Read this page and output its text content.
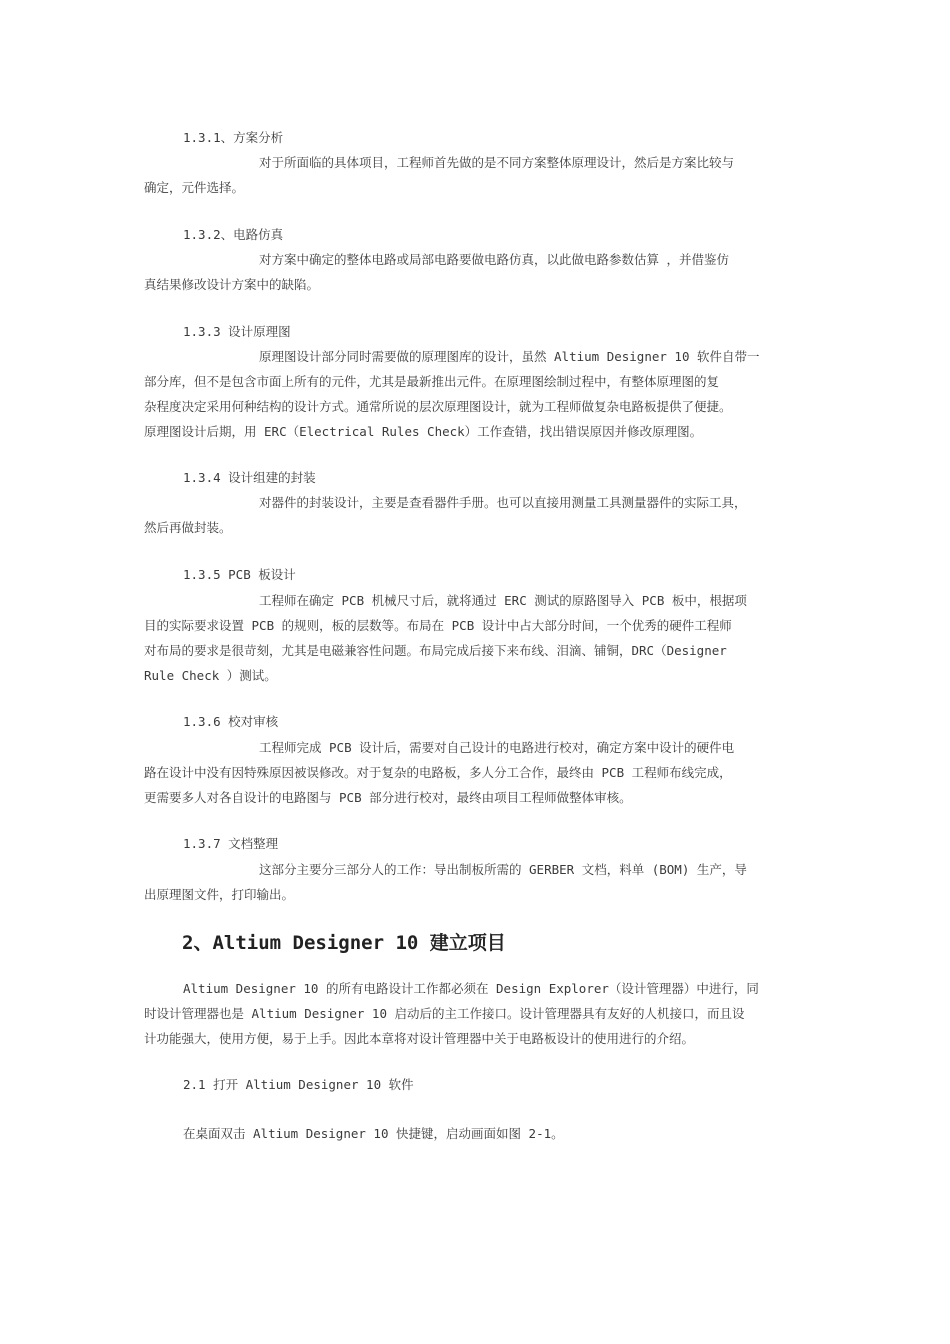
1.3.1、方案分析
对于所面临的具体项目，工程师首先做的是不同方案整体原理设计，然后是方案比较与
确定，元件选择。
1.3.2、电路仿真
对方案中确定的整体电路或局部电路要做电路仿真，以此做电路参数估算 ，并借鉴仿
真结果修改设计方案中的缺陷。
1.3.3 设计原理图
原理图设计部分同时需要做的原理图库的设计，虽然 Altium Designer 10 软件自带一
部分库，但不是包含市面上所有的元件，尤其是最新推出元件。在原理图绘制过程中，有整体原理图的复
杂程度决定采用何种结构的设计方式。通常所说的层次原理图设计，就为工程师做复杂电路板提供了便捷。
原理图设计后期，用 ERC（Electrical Rules Check）工作查错，找出错误原因并修改原理图。
1.3.4 设计组建的封装
对器件的封装设计，主要是查看器件手册。也可以直接用测量工具测量器件的实际工具，
然后再做封装。
1.3.5 PCB 板设计
工程师在确定 PCB 机械尺寸后，就将通过 ERC 测试的原路图导入 PCB 板中，根据项
目的实际要求设置 PCB 的规则，板的层数等。布局在 PCB 设计中占大部分时间，一个优秀的硬件工程师
对布局的要求是很苛刻，尤其是电磁兼容性问题。布局完成后接下来布线、泪滴、铺铜，DRC（Designer
Rule Check ）测试。
1.3.6 校对审核
工程师完成 PCB 设计后，需要对自己设计的电路进行校对，确定方案中设计的硬件电
路在设计中没有因特殊原因被误修改。对于复杂的电路板，多人分工合作，最终由 PCB 工程师布线完成，
更需要多人对各自设计的电路图与 PCB 部分进行校对，最终由项目工程师做整体审核。
1.3.7 文档整理
这部分主要分三部分人的工作：导出制板所需的 GERBER 文档，料单 (BOM) 生产，导
出原理图文件，打印输出。
2、Altium Designer 10 建立项目
Altium Designer 10 的所有电路设计工作都必须在 Design Explorer（设计管理器）中进行，同
时设计管理器也是 Altium Designer 10 启动后的主工作接口。设计管理器具有友好的人机接口，而且设
计功能强大，使用方便，易于上手。因此本章将对设计管理器中关于电路板设计的使用进行的介绍。
2.1 打开 Altium Designer 10 软件
在桌面双击 Altium Designer 10 快捷键，启动画面如图 2-1。
